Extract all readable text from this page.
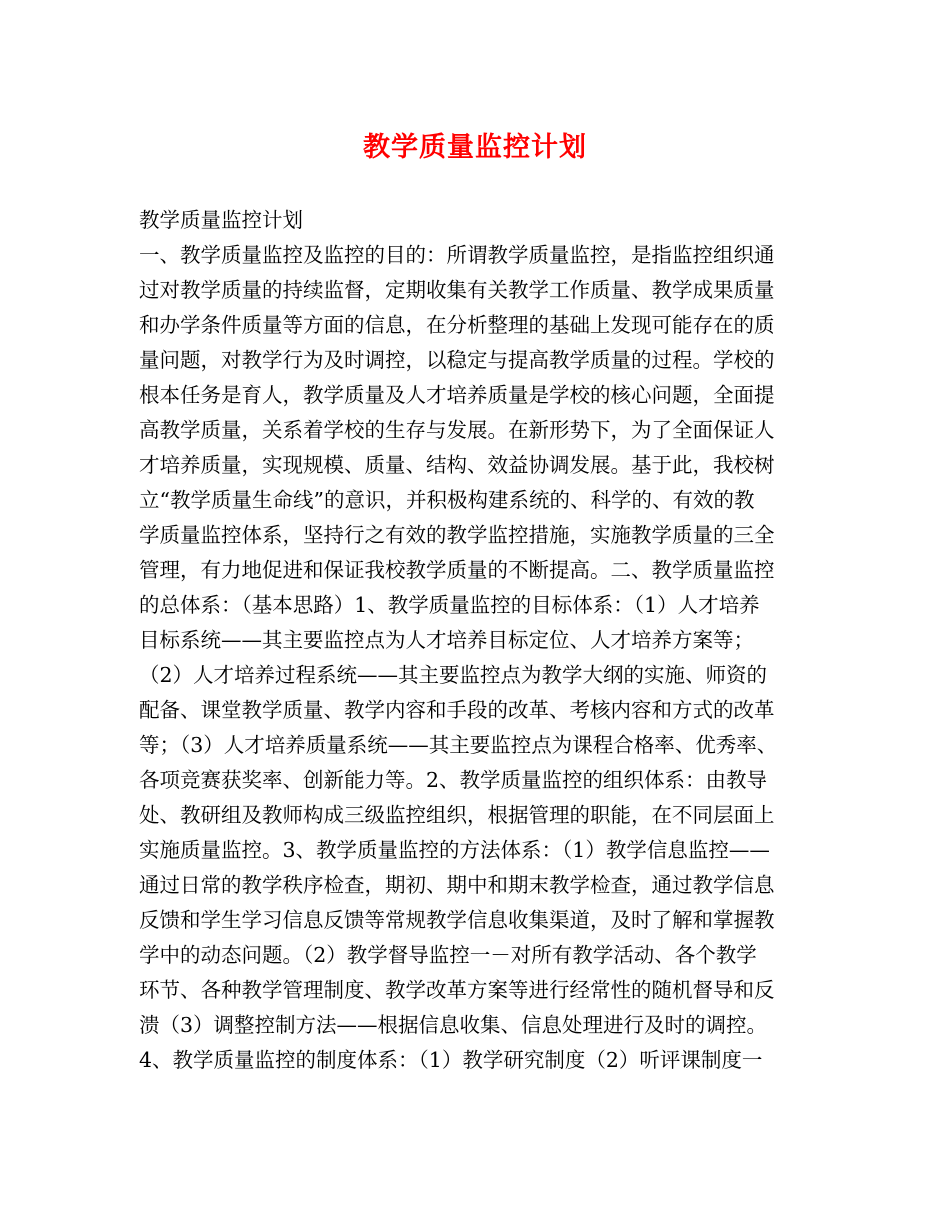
教学质量监控计划
教学质量监控计划
一、教学质量监控及监控的目的：所谓教学质量监控，是指监控组织通
过对教学质量的持续监督，定期收集有关教学工作质量、教学成果质量
和办学条件质量等方面的信息，在分析整理的基础上发现可能存在的质
量问题，对教学行为及时调控，以稳定与提高教学质量的过程。学校的
根本任务是育人，教学质量及人才培养质量是学校的核心问题，全面提
高教学质量，关系着学校的生存与发展。在新形势下，为了全面保证人
才培养质量，实现规模、质量、结构、效益协调发展。基于此，我校树
立“教学质量生命线”的意识，并积极构建系统的、科学的、有效的教
学质量监控体系，坚持行之有效的教学监控措施，实施教学质量的三全
管理，有力地促进和保证我校教学质量的不断提高。二、教学质量监控
的总体系：（基本思路）1、教学质量监控的目标体系：（1）人才培养
目标系统——其主要监控点为人才培养目标定位、人才培养方案等；
（2）人才培养过程系统——其主要监控点为教学大纲的实施、师资的
配备、课堂教学质量、教学内容和手段的改革、考核内容和方式的改革
等；（3）人才培养质量系统——其主要监控点为课程合格率、优秀率、
各项竞赛获奖率、创新能力等。2、教学质量监控的组织体系：由教导
处、教研组及教师构成三级监控组织，根据管理的职能，在不同层面上
实施质量监控。3、教学质量监控的方法体系：（1）教学信息监控——
通过日常的教学秩序检查，期初、期中和期末教学检查，通过教学信息
反馈和学生学习信息反馈等常规教学信息收集渠道，及时了解和掌握教
学中的动态问题。（2）教学督导监控一－对所有教学活动、各个教学
环节、各种教学管理制度、教学改革方案等进行经常性的随机督导和反
溃（3）调整控制方法——根据信息收集、信息处理进行及时的调控。
4、教学质量监控的制度体系：（1）教学研究制度（2）听评课制度一
